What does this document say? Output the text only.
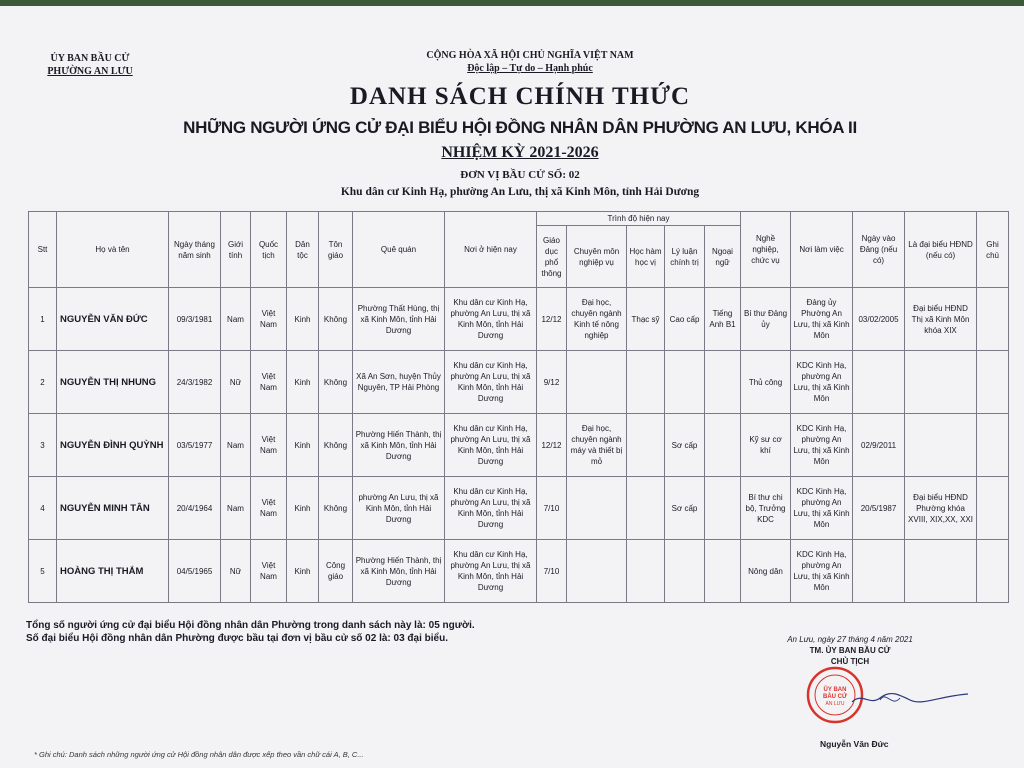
ỦY BAN BẦU CỬ
PHƯỜNG AN LƯU
CỘNG HÒA XÃ HỘI CHỦ NGHĨA VIỆT NAM
Độc lập – Tự do – Hạnh phúc
DANH SÁCH CHÍNH THỨC
NHỮNG NGƯỜI ỨNG CỬ ĐẠI BIỂU HỘI ĐỒNG NHÂN DÂN PHƯỜNG AN LƯU, KHÓA II
NHIỆM KỲ 2021-2026
ĐƠN VỊ BẦU CỬ SỐ: 02
Khu dân cư Kinh Hạ, phường An Lưu, thị xã Kinh Môn, tỉnh Hải Dương
Stt	Họ và tên	Ngày tháng năm sinh	Giới tính	Quốc tịch	Dân tộc	Tôn giáo	Quê quán	Nơi ở hiện nay	Trình độ hiện nay					Nghề nghiệp, chức vụ	Nơi làm việc	Ngày vào Đảng (nếu có)	Là đại biểu HĐND (nếu có)	Ghi chú
									Giáo dục phổ thông	Chuyên môn nghiệp vụ	Học hàm học vị	Lý luận chính trị	Ngoại ngữ					
1	NGUYỄN VĂN ĐỨC	09/3/1981	Nam	Việt Nam	Kinh	Không	Phường Thất Hùng, thị xã Kinh Môn, tỉnh Hải Dương	Khu dân cư Kinh Hạ, phường An Lưu, thị xã Kinh Môn, tỉnh Hải Dương	12/12	Đại học, chuyên ngành Kinh tế nông nghiệp	Thạc sỹ	Cao cấp	Tiếng Anh B1	Bí thư Đảng ủy	Đảng ủy Phường An Lưu, thị xã Kinh Môn	03/02/2005	Đại biểu HĐND Thị xã Kinh Môn khóa XIX	
2	NGUYỄN THỊ NHUNG	24/3/1982	Nữ	Việt Nam	Kinh	Không	Xã An Sơn, huyện Thủy Nguyên, TP Hải Phòng	Khu dân cư Kinh Hạ, phường An Lưu, thị xã Kinh Môn, tỉnh Hải Dương	9/12					Thủ công	KDC Kinh Hạ, phường An Lưu, thị xã Kinh Môn			
3	NGUYỄN ĐÌNH QUỲNH	03/5/1977	Nam	Việt Nam	Kinh	Không	Phường Hiến Thành, thị xã Kinh Môn, tỉnh Hải Dương	Khu dân cư Kinh Hạ, phường An Lưu, thị xã Kinh Môn, tỉnh Hải Dương	12/12	Đại học, chuyên ngành máy và thiết bị mỏ		Sơ cấp		Kỹ sư cơ khí	KDC Kinh Hạ, phường An Lưu, thị xã Kinh Môn	02/9/2011		
4	NGUYỄN MINH TÂN	20/4/1964	Nam	Việt Nam	Kinh	Không	phường An Lưu, thị xã Kinh Môn, tỉnh Hải Dương	Khu dân cư Kinh Hạ, phường An Lưu, thị xã Kinh Môn, tỉnh Hải Dương	7/10			Sơ cấp		Bí thư chi bộ, Trưởng KDC	KDC Kinh Hạ, phường An Lưu, thị xã Kinh Môn	20/5/1987	Đại biểu HĐND Phường khóa XVIII, XIX,XX, XXI	
5	HOÀNG THỊ THẮM	04/5/1965	Nữ	Việt Nam	Kinh	Công giáo	Phường Hiến Thành, thị xã Kinh Môn, tỉnh Hải Dương	Khu dân cư Kinh Hạ, phường An Lưu, thị xã Kinh Môn, tỉnh Hải Dương	7/10					Nông dân	KDC Kinh Hạ, phường An Lưu, thị xã Kinh Môn			
Tổng số người ứng cử đại biểu Hội đồng nhân dân Phường trong danh sách này là: 05 người.
Số đại biểu Hội đồng nhân dân Phường được bầu tại đơn vị bầu cử số 02 là: 03 đại biểu.	An Lưu, ngày 27 tháng 4 năm 2021
TM. ỦY BAN BẦU CỬ
CHỦ TỊCH
ỦY BAN
BẦU CỬ
AN LƯU
Nguyễn Văn Đức
* Ghi chú: Danh sách những người ứng cử Hội đồng nhân dân được xếp theo vần chữ cái A, B, C...
